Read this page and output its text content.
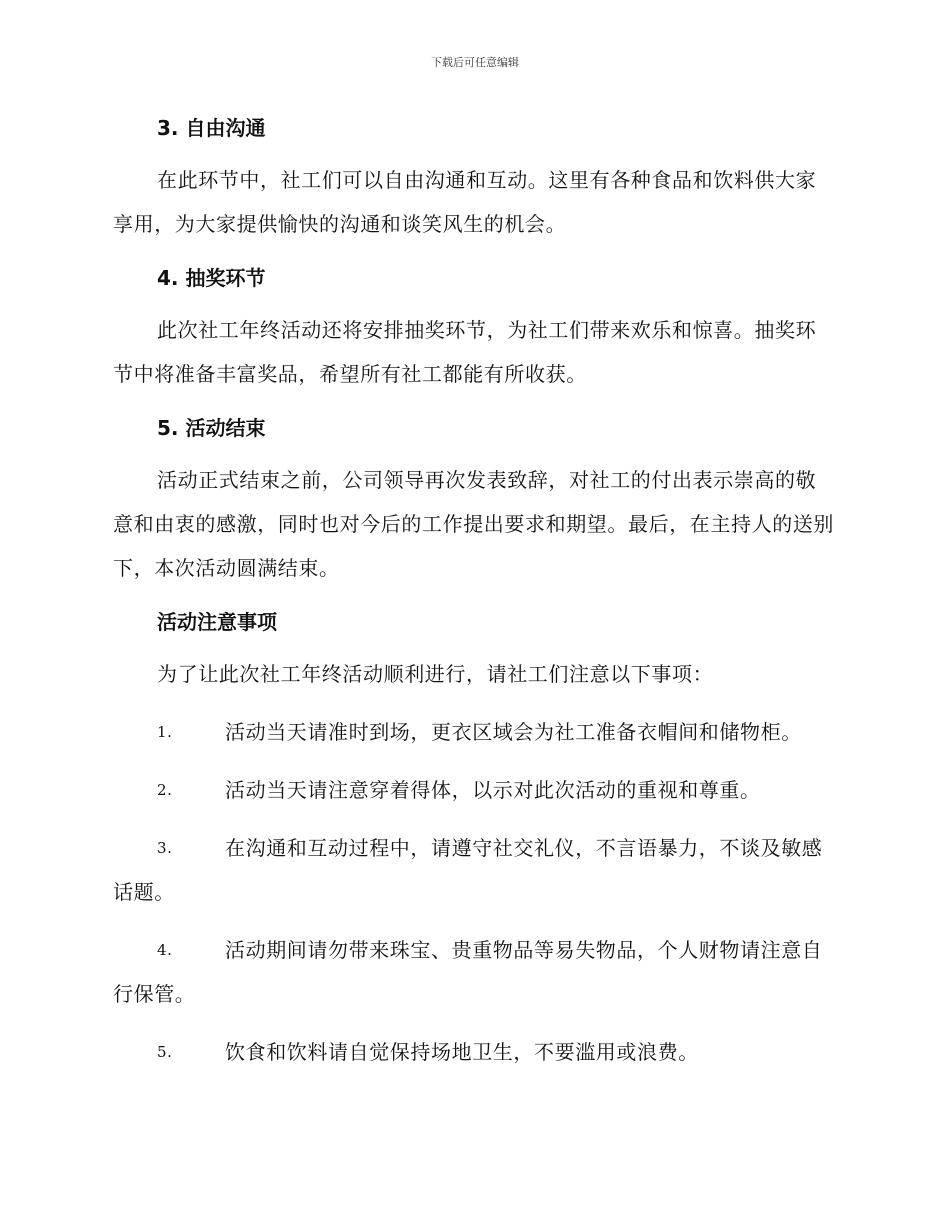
下载后可任意编辑

3. 自由沟通

在此环节中，社工们可以自由沟通和互动。这里有各种食品和饮料供大家享用，为大家提供愉快的沟通和谈笑风生的机会。

4. 抽奖环节

此次社工年终活动还将安排抽奖环节，为社工们带来欢乐和惊喜。抽奖环节中将准备丰富奖品，希望所有社工都能有所收获。

5. 活动结束

活动正式结束之前，公司领导再次发表致辞，对社工的付出表示崇高的敬意和由衷的感激，同时也对今后的工作提出要求和期望。最后，在主持人的送别下，本次活动圆满结束。

活动注意事项

为了让此次社工年终活动顺利进行，请社工们注意以下事项：

1.	活动当天请准时到场，更衣区域会为社工准备衣帽间和储物柜。

2.	活动当天请注意穿着得体，以示对此次活动的重视和尊重。

3.	在沟通和互动过程中，请遵守社交礼仪，不言语暴力，不谈及敏感话题。

4.	活动期间请勿带来珠宝、贵重物品等易失物品，个人财物请注意自行保管。

5.	饮食和饮料请自觉保持场地卫生，不要滥用或浪费。
